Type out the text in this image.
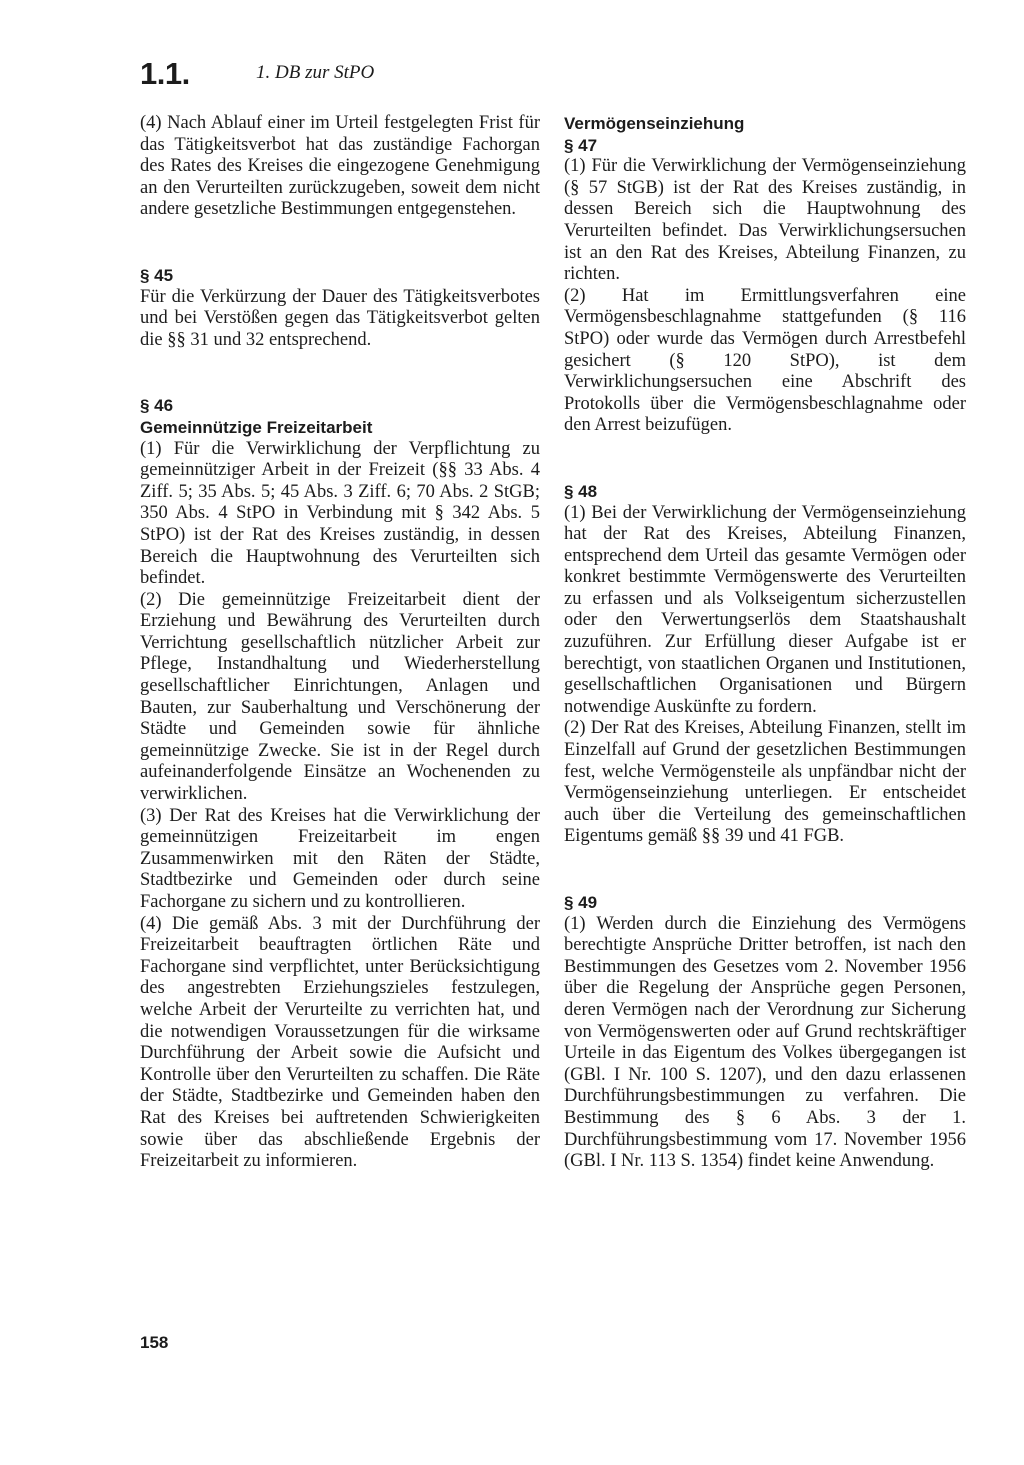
1.1.	1. DB zur StPO

(4) Nach Ablauf einer im Urteil festgelegten Frist für das Tätigkeitsverbot hat das zuständige Fachorgan des Rates des Kreises die eingezogene Genehmigung an den Verurteilten zurückzugeben, soweit dem nicht andere gesetzliche Bestimmungen entgegenstehen.

§ 45

Für die Verkürzung der Dauer des Tätigkeitsverbotes und bei Verstößen gegen das Tätigkeitsverbot gelten die §§ 31 und 32 entsprechend.

§ 46

Gemeinnützige Freizeitarbeit

(1) Für die Verwirklichung der Verpflichtung zu gemeinnütziger Arbeit in der Freizeit (§§ 33 Abs. 4 Ziff. 5; 35 Abs. 5; 45 Abs. 3 Ziff. 6; 70 Abs. 2 StGB; 350 Abs. 4 StPO in Verbindung mit § 342 Abs. 5 StPO) ist der Rat des Kreises zuständig, in dessen Bereich die Hauptwohnung des Verurteilten sich befindet.

(2) Die gemeinnützige Freizeitarbeit dient der Erziehung und Bewährung des Verurteilten durch Verrichtung gesellschaftlich nützlicher Arbeit zur Pflege, Instandhaltung und Wiederherstellung gesellschaftlicher Einrichtungen, Anlagen und Bauten, zur Sauberhaltung und Verschönerung der Städte und Gemeinden sowie für ähnliche gemeinnützige Zwecke. Sie ist in der Regel durch aufeinanderfolgende Einsätze an Wochenenden zu verwirklichen.

(3) Der Rat des Kreises hat die Verwirklichung der gemeinnützigen Freizeitarbeit im engen Zusammenwirken mit den Räten der Städte, Stadtbezirke und Gemeinden oder durch seine Fachorgane zu sichern und zu kontrollieren.

(4) Die gemäß Abs. 3 mit der Durchführung der Freizeitarbeit beauftragten örtlichen Räte und Fachorgane sind verpflichtet, unter Berücksichtigung des angestrebten Erziehungszieles festzulegen, welche Arbeit der Verurteilte zu verrichten hat, und die notwendigen Voraussetzungen für die wirksame Durchführung der Arbeit sowie die Aufsicht und Kontrolle über den Verurteilten zu schaffen. Die Räte der Städte, Stadtbezirke und Gemeinden haben den Rat des Kreises bei auftretenden Schwierigkeiten sowie über das abschließende Ergebnis der Freizeitarbeit zu informieren.

Vermögenseinziehung

§ 47

(1) Für die Verwirklichung der Vermögenseinziehung (§ 57 StGB) ist der Rat des Kreises zuständig, in dessen Bereich sich die Hauptwohnung des Verurteilten befindet. Das Verwirklichungsersuchen ist an den Rat des Kreises, Abteilung Finanzen, zu richten.

(2) Hat im Ermittlungsverfahren eine Vermögensbeschlagnahme stattgefunden (§ 116 StPO) oder wurde das Vermögen durch Arrestbefehl gesichert (§ 120 StPO), ist dem Verwirklichungsersuchen eine Abschrift des Protokolls über die Vermögensbeschlagnahme oder den Arrest beizufügen.

§ 48

(1) Bei der Verwirklichung der Vermögenseinziehung hat der Rat des Kreises, Abteilung Finanzen, entsprechend dem Urteil das gesamte Vermögen oder konkret bestimmte Vermögenswerte des Verurteilten zu erfassen und als Volkseigentum sicherzustellen oder den Verwertungserlös dem Staatshaushalt zuzuführen. Zur Erfüllung dieser Aufgabe ist er berechtigt, von staatlichen Organen und Institutionen, gesellschaftlichen Organisationen und Bürgern notwendige Auskünfte zu fordern.

(2) Der Rat des Kreises, Abteilung Finanzen, stellt im Einzelfall auf Grund der gesetzlichen Bestimmungen fest, welche Vermögensteile als unpfändbar nicht der Vermögenseinziehung unterliegen. Er entscheidet auch über die Verteilung des gemeinschaftlichen Eigentums gemäß §§ 39 und 41 FGB.

§ 49

(1) Werden durch die Einziehung des Vermögens berechtigte Ansprüche Dritter betroffen, ist nach den Bestimmungen des Gesetzes vom 2. November 1956 über die Regelung der Ansprüche gegen Personen, deren Vermögen nach der Verordnung zur Sicherung von Vermögenswerten oder auf Grund rechtskräftiger Urteile in das Eigentum des Volkes übergegangen ist (GBl. I Nr. 100 S. 1207), und den dazu erlassenen Durchführungsbestimmungen zu verfahren. Die Bestimmung des § 6 Abs. 3 der 1. Durchführungsbestimmung vom 17. November 1956 (GBl. I Nr. 113 S. 1354) findet keine Anwendung.

158
